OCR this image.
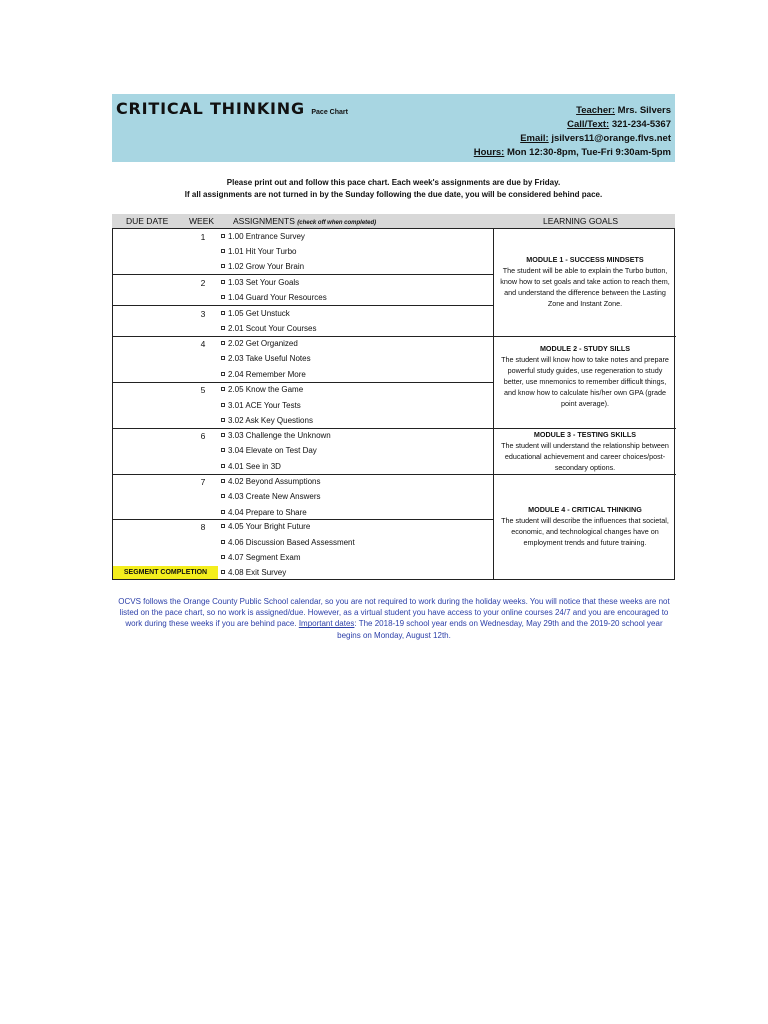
CRITICAL THINKING Pace Chart	Teacher: Mrs. Silvers
Call/Text: 321-234-5367
Email: jsilvers11@orange.flvs.net
Hours: Mon 12:30-8pm, Tue-Fri 9:30am-5pm
Please print out and follow this pace chart. Each week's assignments are due by Friday.
If all assignments are not turned in by the Sunday following the due date, you will be considered behind pace.
DUE DATE WEEK ASSIGNMENTS (check off when completed)	LEARNING GOALS
1
2
3
4
5
6
7
8
1.00 Entrance Survey
1.01 Hit Your Turbo
1.02 Grow Your Brain
1.03 Set Your Goals
1.04 Guard Your Resources
1.05 Get Unstuck
2.01 Scout Your Courses
2.02 Get Organized
2.03 Take Useful Notes
2.04 Remember More
2.05 Know the Game
3.01 ACE Your Tests
3.02 Ask Key Questions
3.03 Challenge the Unknown
3.04 Elevate on Test Day
4.01 See in 3D
4.02 Beyond Assumptions
4.03 Create New Answers
4.04 Prepare to Share
4.05 Your Bright Future
4.06 Discussion Based Assessment
4.07 Segment Exam
4.08 Exit Survey
MODULE 1 - SUCCESS MINDSETS
The student will be able to explain the Turbo button, know how to set goals and take action to reach them, and understand the difference between the Lasting Zone and Instant Zone.
MODULE 2 - STUDY SILLS
The student will know how to take notes and prepare powerful study guides, use regeneration to study better, use mnemonics to remember difficult things, and know how to calculate his/her own GPA (grade point average).
MODULE 3 - TESTING SKILLS
The student will understand the relationship between educational achievement and career choices/post-secondary options.
MODULE 4 - CRITICAL THINKING
The student will describe the influences that societal, economic, and technological changes have on employment trends and future training.
SEGMENT COMPLETION
OCVS follows the Orange County Public School calendar, so you are not required to work during the holiday weeks. You will notice that these weeks are not listed on the pace chart, so no work is assigned/due. However, as a virtual student you have access to your online courses 24/7 and you are encouraged to work during these weeks if you are behind pace. Important dates: The 2018-19 school year ends on Wednesday, May 29th and the 2019-20 school year begins on Monday, August 12th.
